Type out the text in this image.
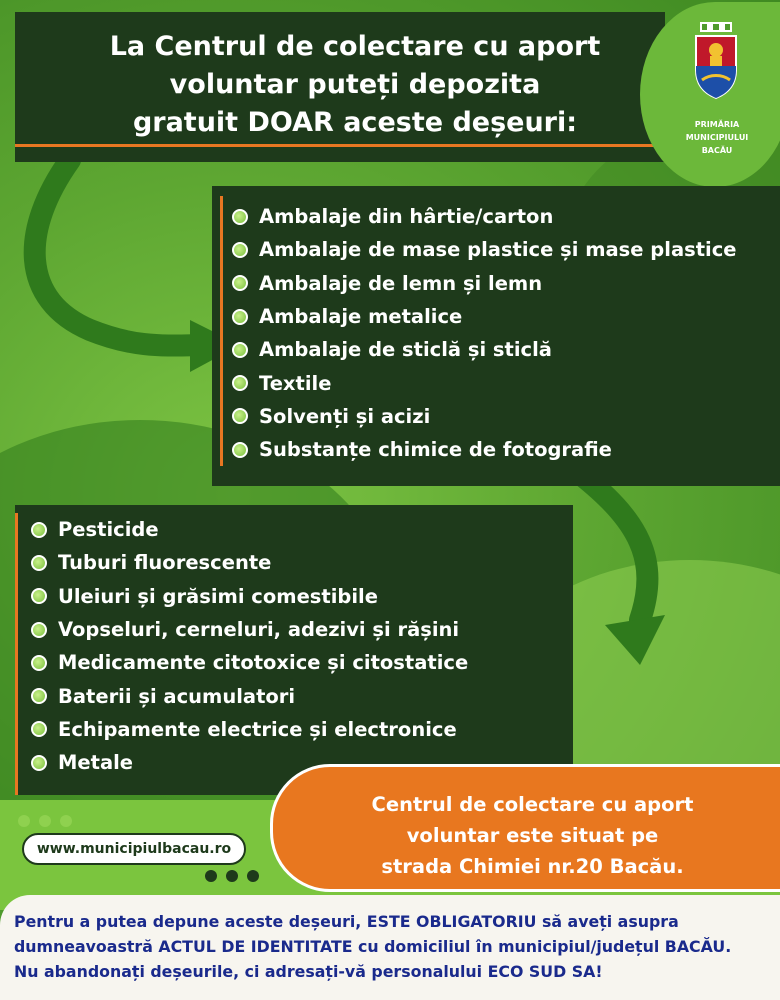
La Centrul de colectare cu aport
voluntar puteți depozita
gratuit DOAR aceste deșeuri:	PRIMĂRIA
MUNICIPIULUI
BACĂU
Ambalaje din hârtie/carton
Ambalaje de mase plastice și mase plastice
Ambalaje de lemn și lemn
Ambalaje metalice
Ambalaje de sticlă și sticlă
Textile
Solvenți și acizi
Substanțe chimice de fotografie
Pesticide
Tuburi fluorescente
Uleiuri și grăsimi comestibile
Vopseluri, cerneluri, adezivi și rășini
Medicamente citotoxice și citostatice
Baterii și acumulatori
Echipamente electrice și electronice
Metale
www.municipiulbacau.ro
Centrul de colectare cu aport
voluntar este situat pe
strada Chimiei nr.20 Bacău.
Pentru a putea depune aceste deșeuri, ESTE OBLIGATORIU să aveți asupra
dumneavoastră ACTUL DE IDENTITATE cu domiciliul în municipiul/județul BACĂU.
Nu abandonați deșeurile, ci adresați-vă personalului ECO SUD SA!
